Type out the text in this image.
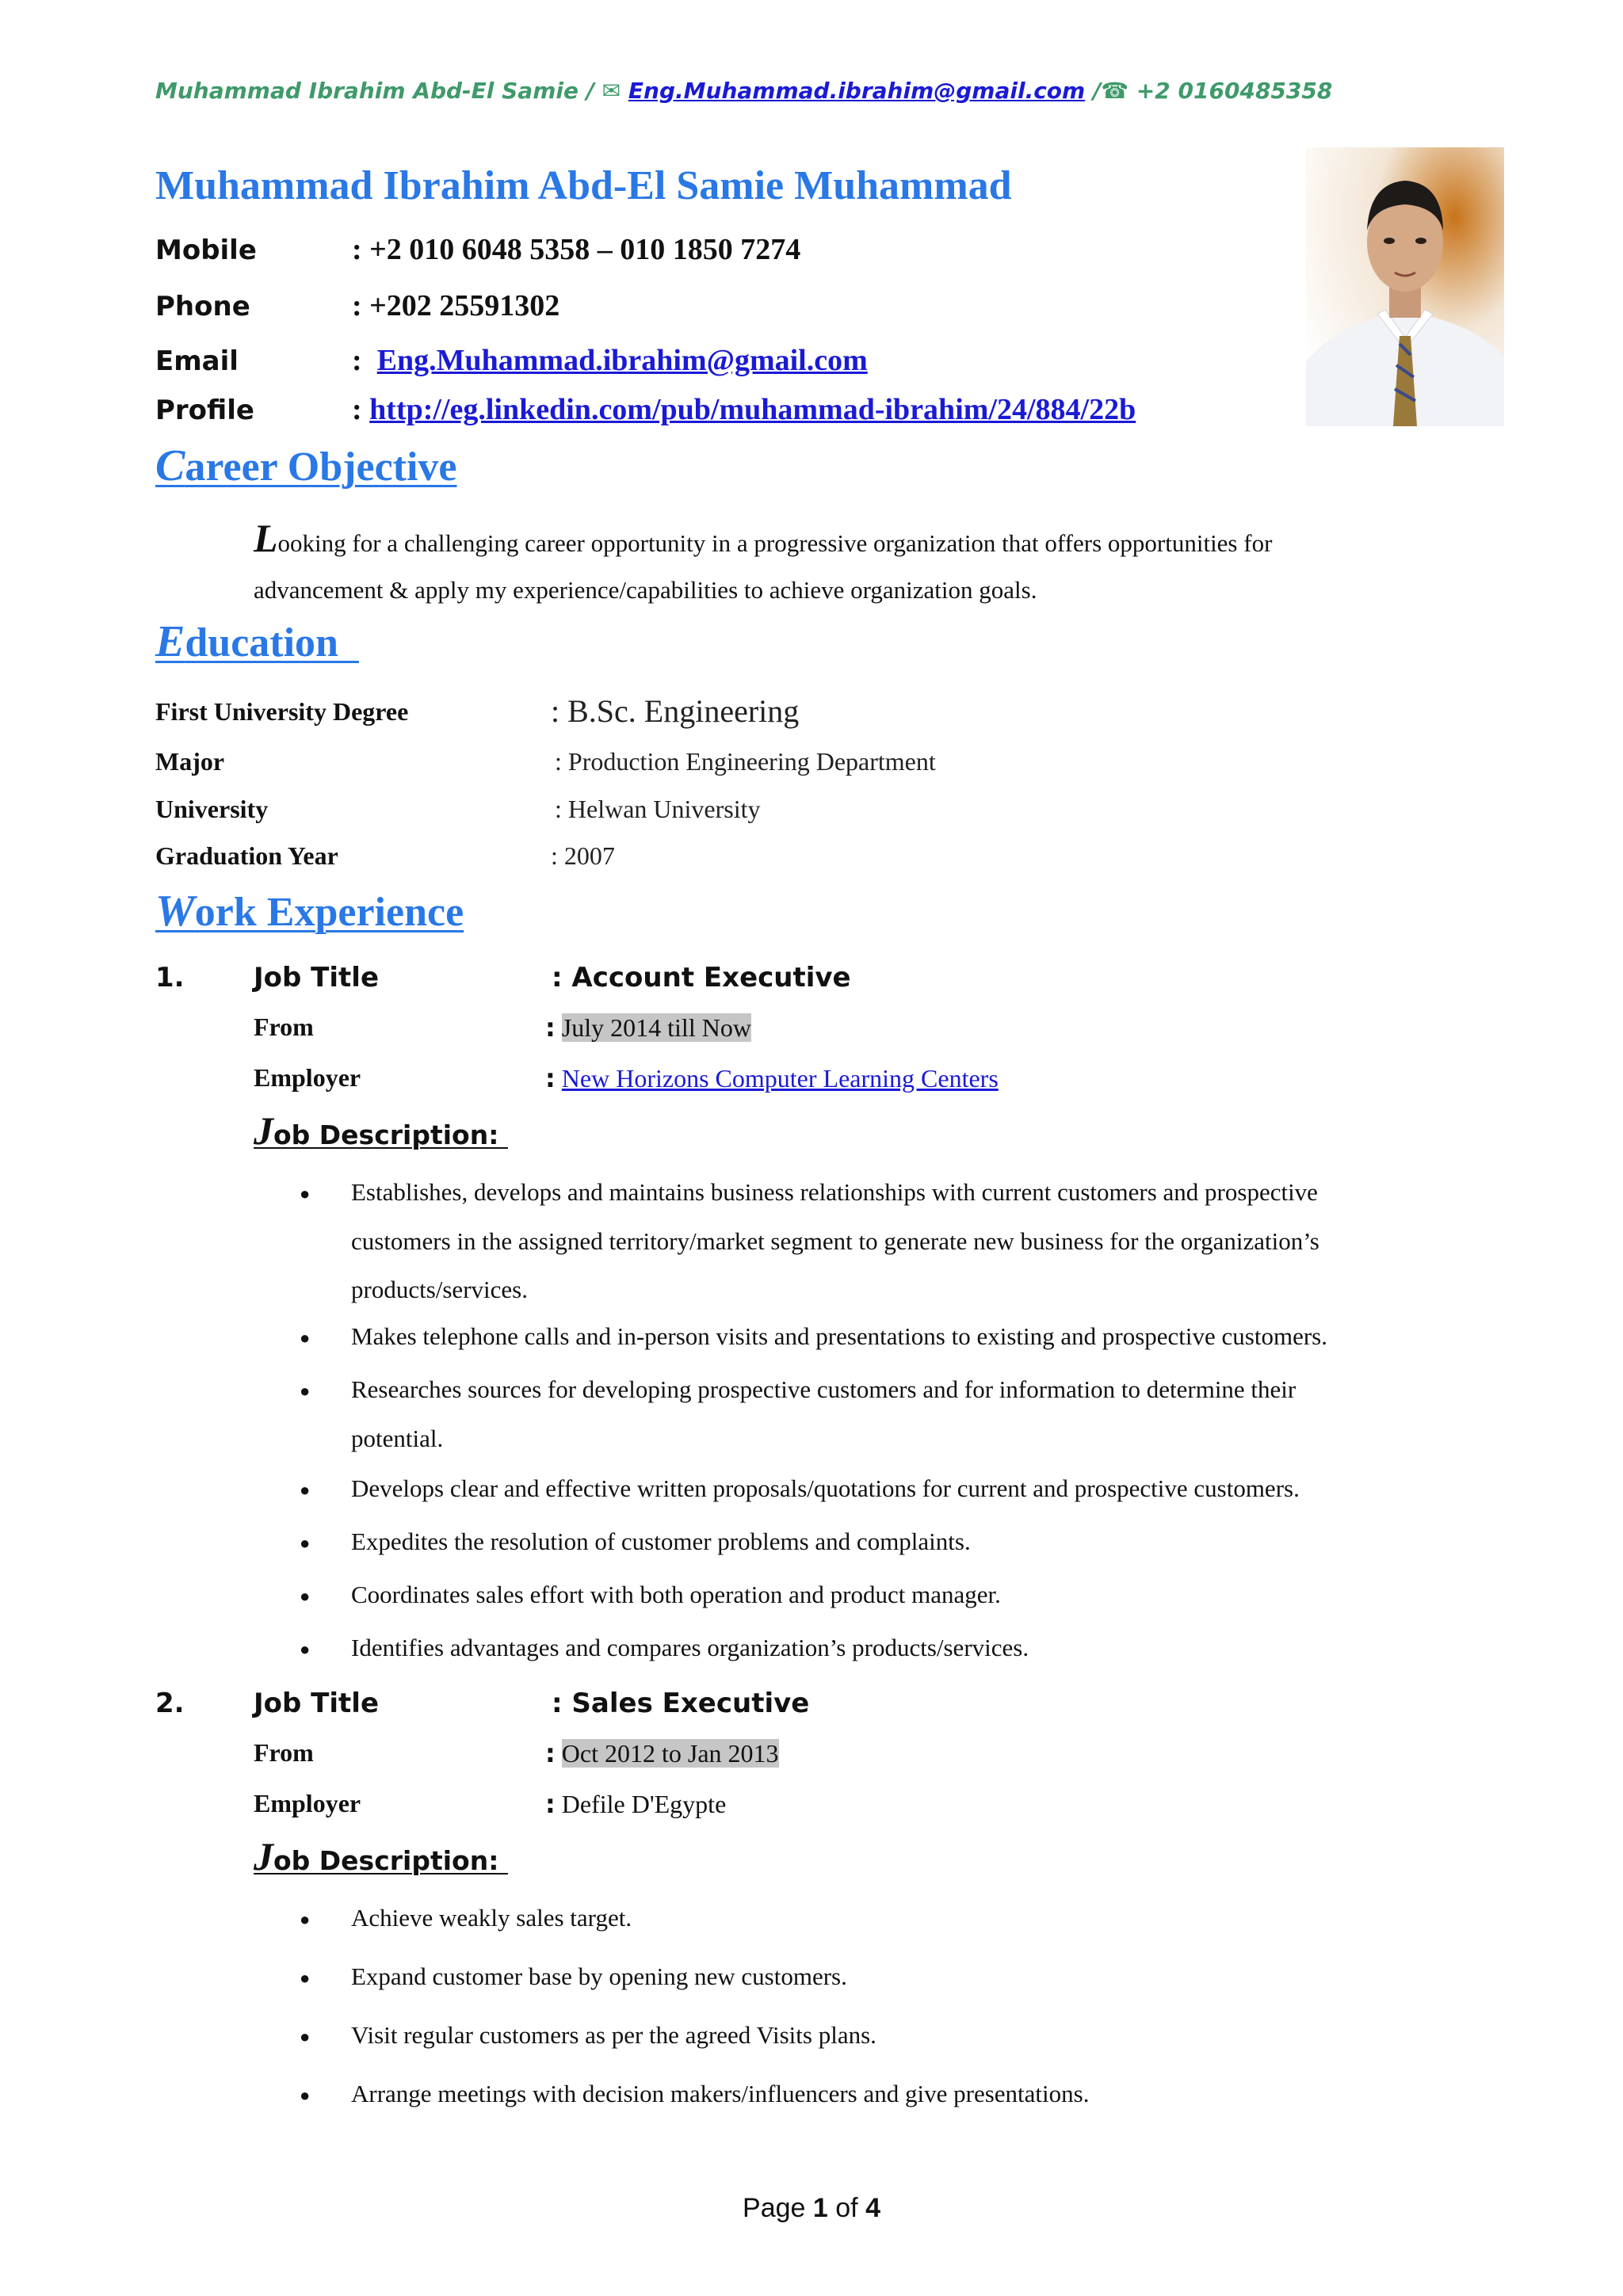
Muhammad Ibrahim Abd-El Samie / ✉ Eng.Muhammad.ibrahim@gmail.com /☎ +2 0160485358
Muhammad Ibrahim Abd-El Samie Muhammad
Mobile	: +2 010 6048 5358 – 010 1850 7274
Phone	: +202 25591302
Email	: Eng.Muhammad.ibrahim@gmail.com
Profile	: http://eg.linkedin.com/pub/muhammad-ibrahim/24/884/22b
Career Objective
Looking for a challenging career opportunity in a progressive organization that offers opportunities for
advancement & apply my experience/capabilities to achieve organization goals.
Education
First University Degree	: B.Sc. Engineering
Major	: Production Engineering Department
University	: Helwan University
Graduation Year	: 2007
Work Experience
1.	Job Title	: Account Executive
From	: July 2014 till Now
Employer	: New Horizons Computer Learning Centers
Job Description:
● Establishes, develops and maintains business relationships with current customers and prospective
customers in the assigned territory/market segment to generate new business for the organization’s
products/services.
● Makes telephone calls and in-person visits and presentations to existing and prospective customers.
● Researches sources for developing prospective customers and for information to determine their
potential.
● Develops clear and effective written proposals/quotations for current and prospective customers.
● Expedites the resolution of customer problems and complaints.
● Coordinates sales effort with both operation and product manager.
● Identifies advantages and compares organization’s products/services.
2.	Job Title	: Sales Executive
From	: Oct 2012 to Jan 2013
Employer	: Defile D'Egypte
Job Description:
● Achieve weakly sales target.
● Expand customer base by opening new customers.
● Visit regular customers as per the agreed Visits plans.
● Arrange meetings with decision makers/influencers and give presentations.
Page 1 of 4
